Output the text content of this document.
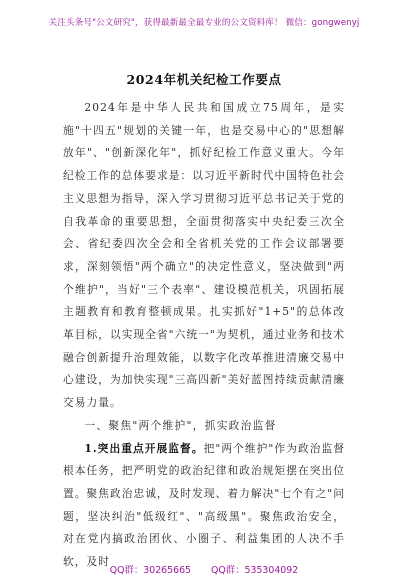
关注头条号"公文研究"，获得最新最全最专业的公文资料库！ 微信：gongwenyj
2024年机关纪检工作要点

2024年是中华人民共和国成立75周年，是实施"十四五"规划的关键一年，也是交易中心的"思想解放年"、"创新深化年"，抓好纪检工作意义重大。今年纪检工作的总体要求是：以习近平新时代中国特色社会主义思想为指导，深入学习贯彻习近平总书记关于党的自我革命的重要思想，全面贯彻落实中央纪委三次全会、省纪委四次全会和全省机关党的工作会议部署要求，深刻领悟"两个确立"的决定性意义，坚决做到"两个维护"，当好"三个表率"、建设模范机关，巩固拓展主题教育和教育整顿成果。扎实抓好"1+5"的总体改革目标，以实现全省"六统一"为契机，通过业务和技术融合创新提升治理效能，以数字化改革推进清廉交易中心建设，为加快实现"三高四新"美好蓝图持续贡献清廉交易力量。

一、聚焦"两个维护"，抓实政治监督

1.突出重点开展监督。把"两个维护"作为政治监督根本任务，把严明党的政治纪律和政治规矩摆在突出位置。聚焦政治忠诚，及时发现、着力解决"七个有之"问题，坚决纠治"低级红"、"高级黑"。聚焦政治安全，对在党内搞政治团伙、小圈子、利益集团的人决不手软，及时

QQ群：30265665 QQ群：535304092
